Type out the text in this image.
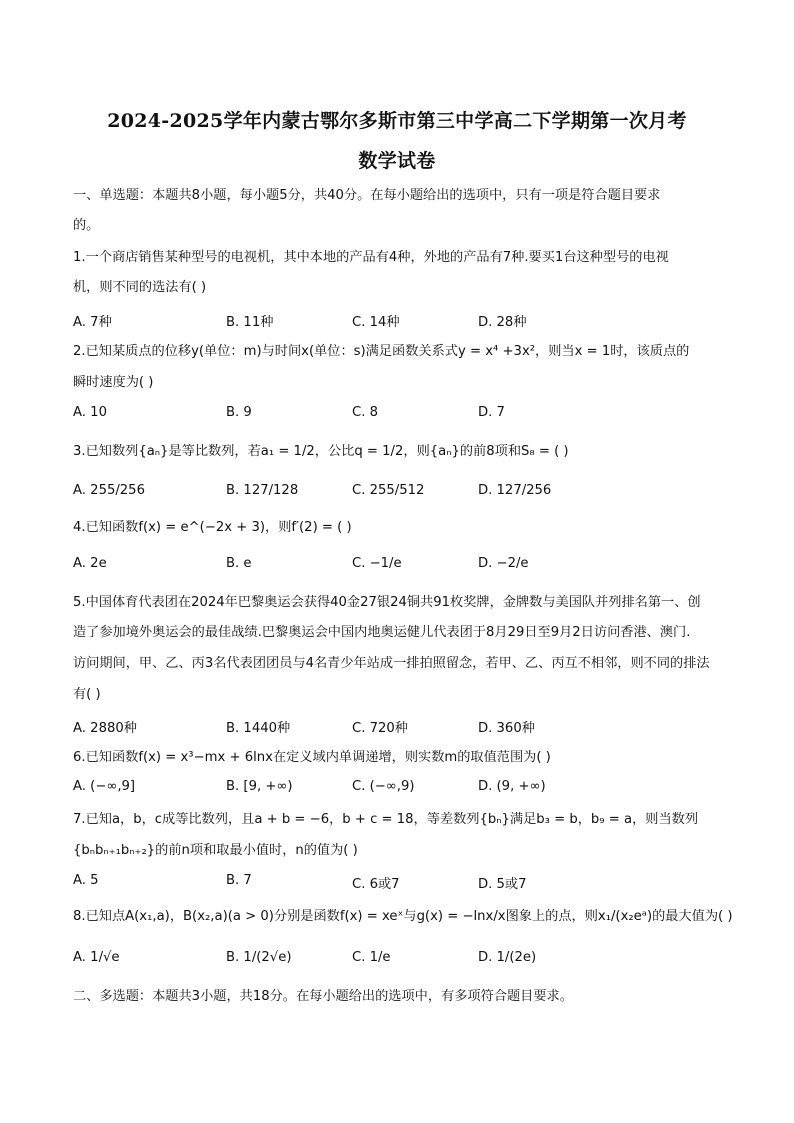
2024-2025学年内蒙古鄂尔多斯市第三中学高二下学期第一次月考
数学试卷
一、单选题：本题共8小题，每小题5分，共40分。在每小题给出的选项中，只有一项是符合题目要求
的。
1.一个商店销售某种型号的电视机，其中本地的产品有4种，外地的产品有7种.要买1台这种型号的电视
机，则不同的选法有( )
A. 7种	B. 11种	C. 14种	D. 28种
2.已知某质点的位移y(单位：m)与时间x(单位：s)满足函数关系式y = x⁴ +3x²，则当x = 1时，该质点的
瞬时速度为( )
A. 10	B. 9	C. 8	D. 7
3.已知数列{aₙ}是等比数列，若a₁ = 1/2，公比q = 1/2，则{aₙ}的前8项和S₈ = ( )
A. 255/256	B. 127/128	C. 255/512	D. 127/256
4.已知函数f(x) = e^(−2x + 3)，则f′(2) = ( )
A. 2e	B. e	C. −1/e	D. −2/e
5.中国体育代表团在2024年巴黎奥运会获得40金27银24铜共91枚奖牌，金牌数与美国队并列排名第一、创
造了参加境外奥运会的最佳战绩.巴黎奥运会中国内地奥运健儿代表团于8月29日至9月2日访问香港、澳门.
访问期间，甲、乙、丙3名代表团团员与4名青少年站成一排拍照留念，若甲、乙、丙互不相邻，则不同的排法
有( )
A. 2880种	B. 1440种	C. 720种	D. 360种
6.已知函数f(x) = x³−mx + 6lnx在定义域内单调递增，则实数m的取值范围为( )
A. (−∞,9]	B. [9, +∞)	C. (−∞,9)	D. (9, +∞)
7.已知a，b，c成等比数列，且a + b = −6，b + c = 18，等差数列{bₙ}满足b₃ = b，b₉ = a，则当数列
{bₙbₙ₊₁bₙ₊₂}的前n项和取最小值时，n的值为( )
A. 5	B. 7	C. 6或7	D. 5或7
8.已知点A(x₁,a)，B(x₂,a)(a > 0)分别是函数f(x) = xeˣ与g(x) = −lnx/x图象上的点，则x₁/(x₂eᵃ)的最大值为( )
A. 1/√e	B. 1/(2√e)	C. 1/e	D. 1/(2e)
二、多选题：本题共3小题，共18分。在每小题给出的选项中，有多项符合题目要求。
